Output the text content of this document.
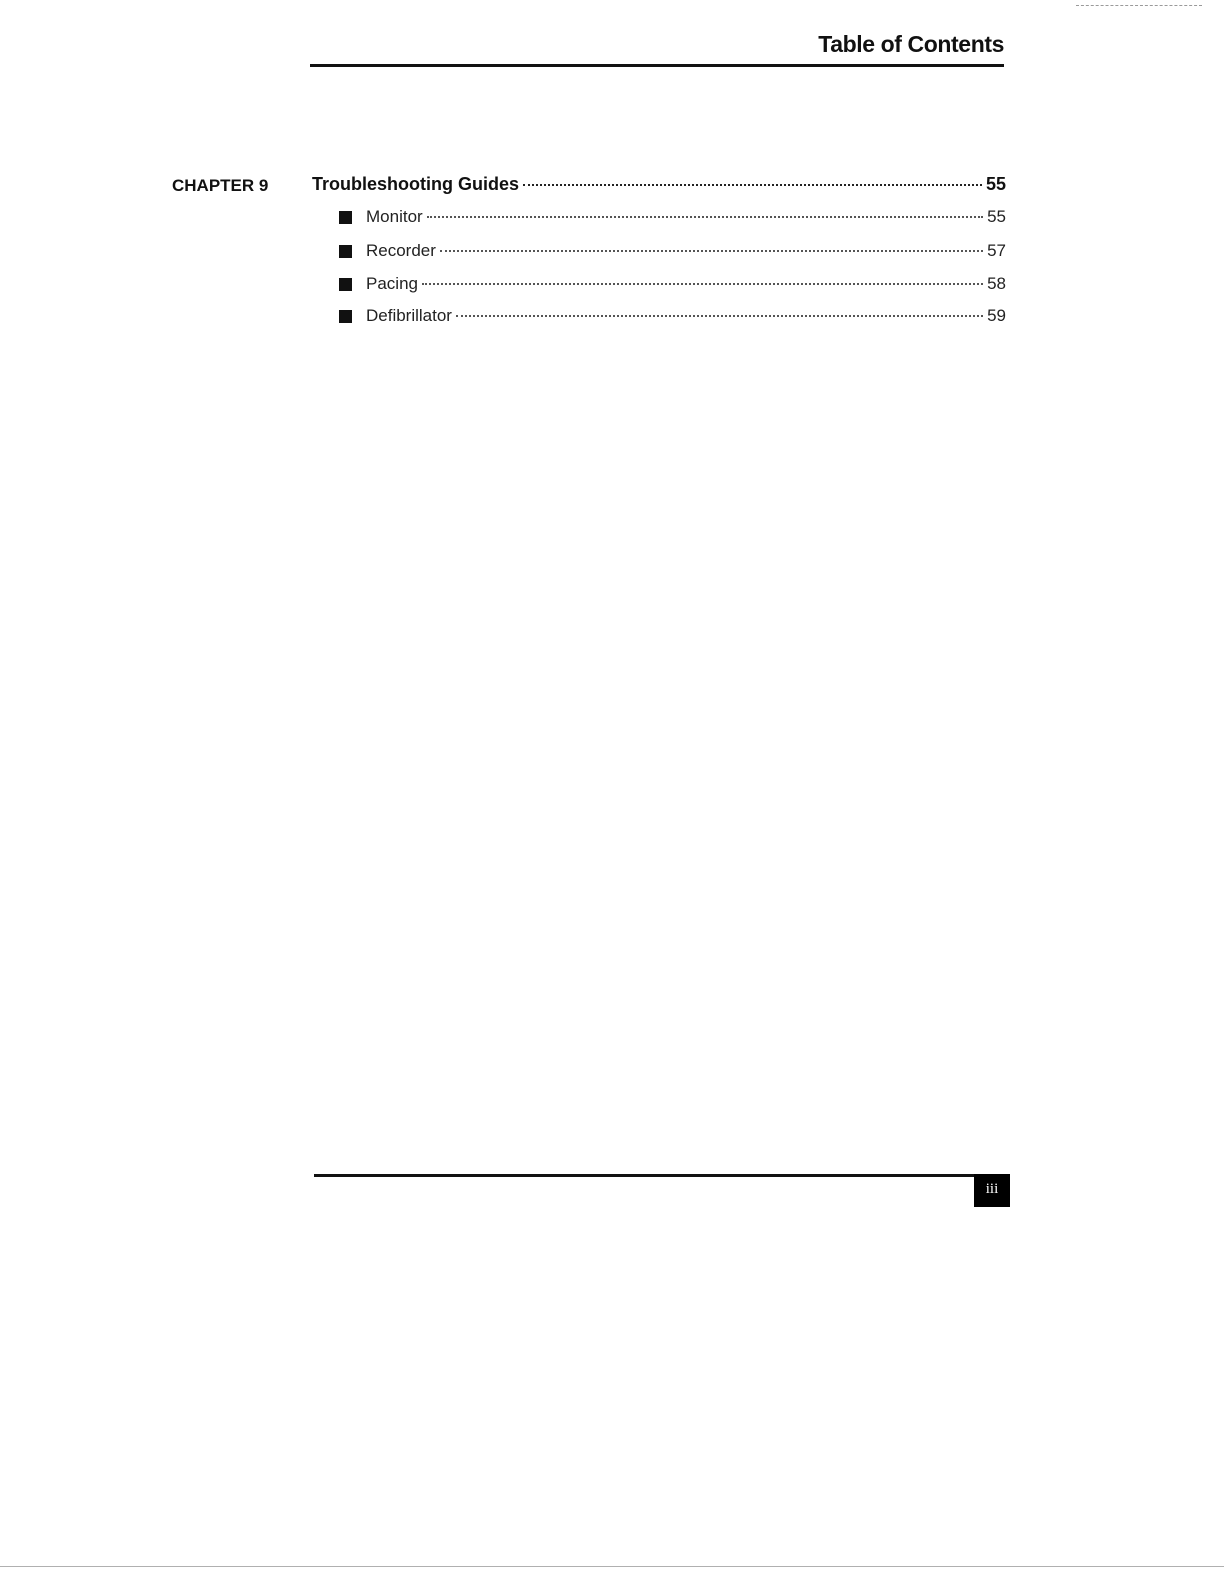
Table of Contents
CHAPTER 9 Troubleshooting Guides	55
Monitor	55
Recorder	57
Pacing	58
Defibrillator	59
iii
